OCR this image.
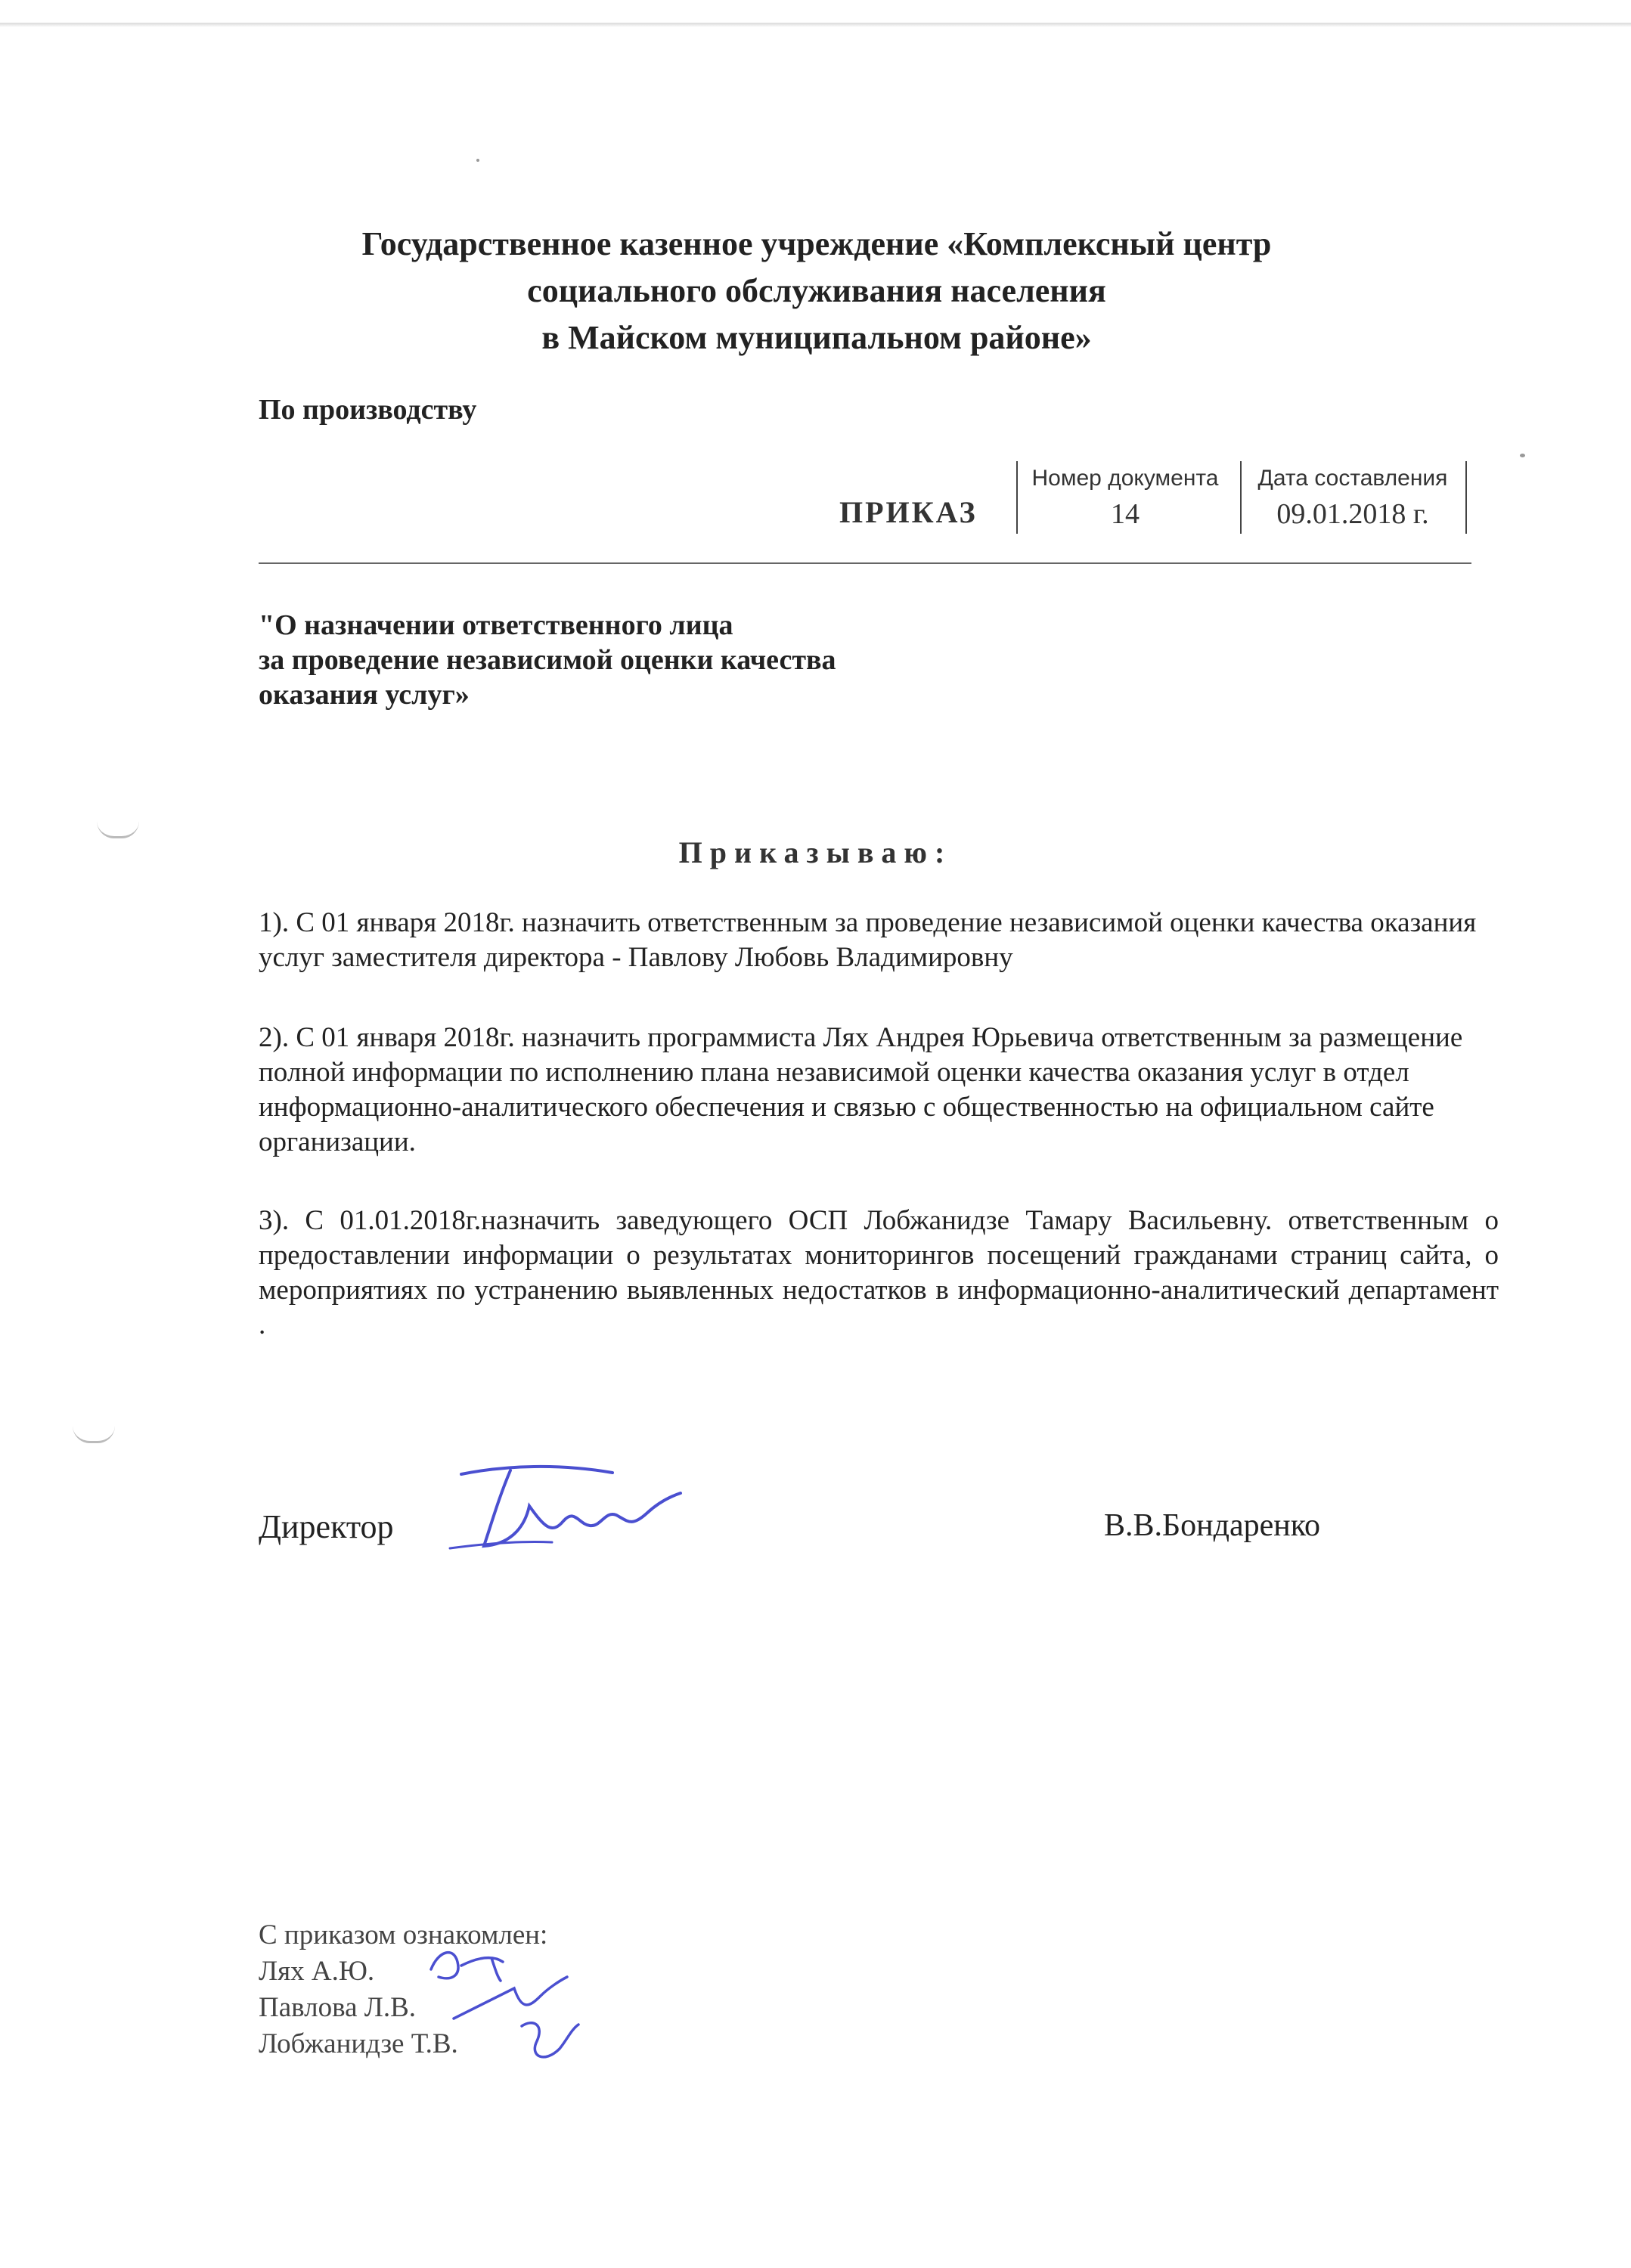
Государственное казенное учреждение «Комплексный центр
социального обслуживания населения
в Майском муниципальном районе»
По производству
ПРИКАЗ
Номер документа
14
Дата составления
09.01.2018 г.
"О назначении ответственного лица
за проведение независимой оценки качества
оказания услуг»
Приказываю:
1). С 01 января 2018г. назначить ответственным за проведение независимой оценки качества оказания услуг заместителя директора - Павлову Любовь Владимировну
2). С 01 января 2018г. назначить программиста Лях Андрея Юрьевича ответственным за размещение полной информации по исполнению плана независимой оценки качества оказания услуг в отдел информационно-аналитического обеспечения и связью с общественностью на официальном сайте организации.
3). С 01.01.2018г.назначить заведующего ОСП Лобжанидзе Тамару Васильевну. ответственным о предоставлении информации о результатах мониторингов посещений гражданами страниц сайта, о мероприятиях по устранению выявленных недостатков в информационно-аналитический департамент .
Директор	В.В.Бондаренко
С приказом ознакомлен:
Лях А.Ю.
Павлова Л.В.
Лобжанидзе Т.В.
